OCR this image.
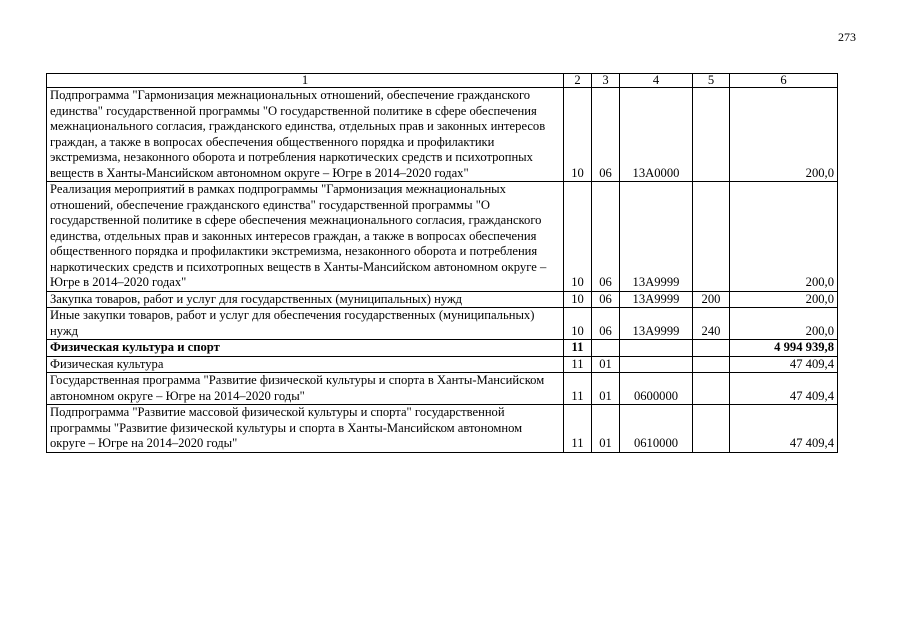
273
1	2	3	4	5	6
Подпрограмма "Гармонизация межнациональных отношений, обеспечение гражданского единства" государственной программы "О государственной политике в сфере обеспечения межнационального согласия, гражданского единства, отдельных прав и законных интересов граждан, а также в вопросах обеспечения общественного порядка и профилактики экстремизма, незаконного оборота и потребления наркотических средств и психотропных веществ в Ханты-Мансийском автономном округе – Югре в 2014–2020 годах"	10	06	13А0000		200,0
Реализация мероприятий в рамках подпрограммы "Гармонизация межнациональных отношений, обеспечение гражданского единства" государственной программы "О государственной политике в сфере обеспечения межнационального согласия, гражданского единства, отдельных прав и законных интересов граждан, а также в вопросах обеспечения общественного порядка и профилактики экстремизма, незаконного оборота и потребления наркотических средств и психотропных веществ в Ханты-Мансийском автономном округе – Югре в 2014–2020 годах"	10	06	13А9999		200,0
Закупка товаров, работ и услуг для государственных (муниципальных) нужд	10	06	13А9999	200	200,0
Иные закупки товаров, работ и услуг для обеспечения государственных (муниципальных) нужд	10	06	13А9999	240	200,0
Физическая культура и спорт	11				4 994 939,8
Физическая культура	11	01			47 409,4
Государственная программа "Развитие физической культуры и спорта в Ханты-Мансийском автономном округе – Югре на 2014–2020 годы"	11	01	0600000		47 409,4
Подпрограмма "Развитие массовой физической культуры и спорта" государственной программы "Развитие физической культуры и спорта в Ханты-Мансийском автономном округе – Югре на 2014–2020 годы"	11	01	0610000		47 409,4
